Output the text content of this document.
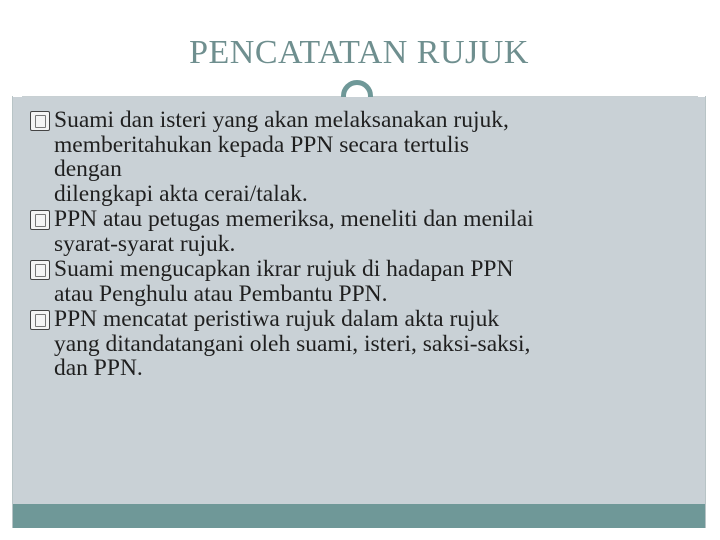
PENCATATAN RUJUK
Suami dan isteri yang akan melaksanakan rujuk,
memberitahukan kepada PPN secara tertulis
dengan
dilengkapi akta cerai/talak.
PPN atau petugas memeriksa, meneliti dan menilai
syarat-syarat rujuk.
Suami mengucapkan ikrar rujuk di hadapan PPN
atau Penghulu atau Pembantu PPN.
PPN mencatat peristiwa rujuk dalam akta rujuk
yang ditandatangani oleh suami, isteri, saksi-saksi,
dan PPN.
